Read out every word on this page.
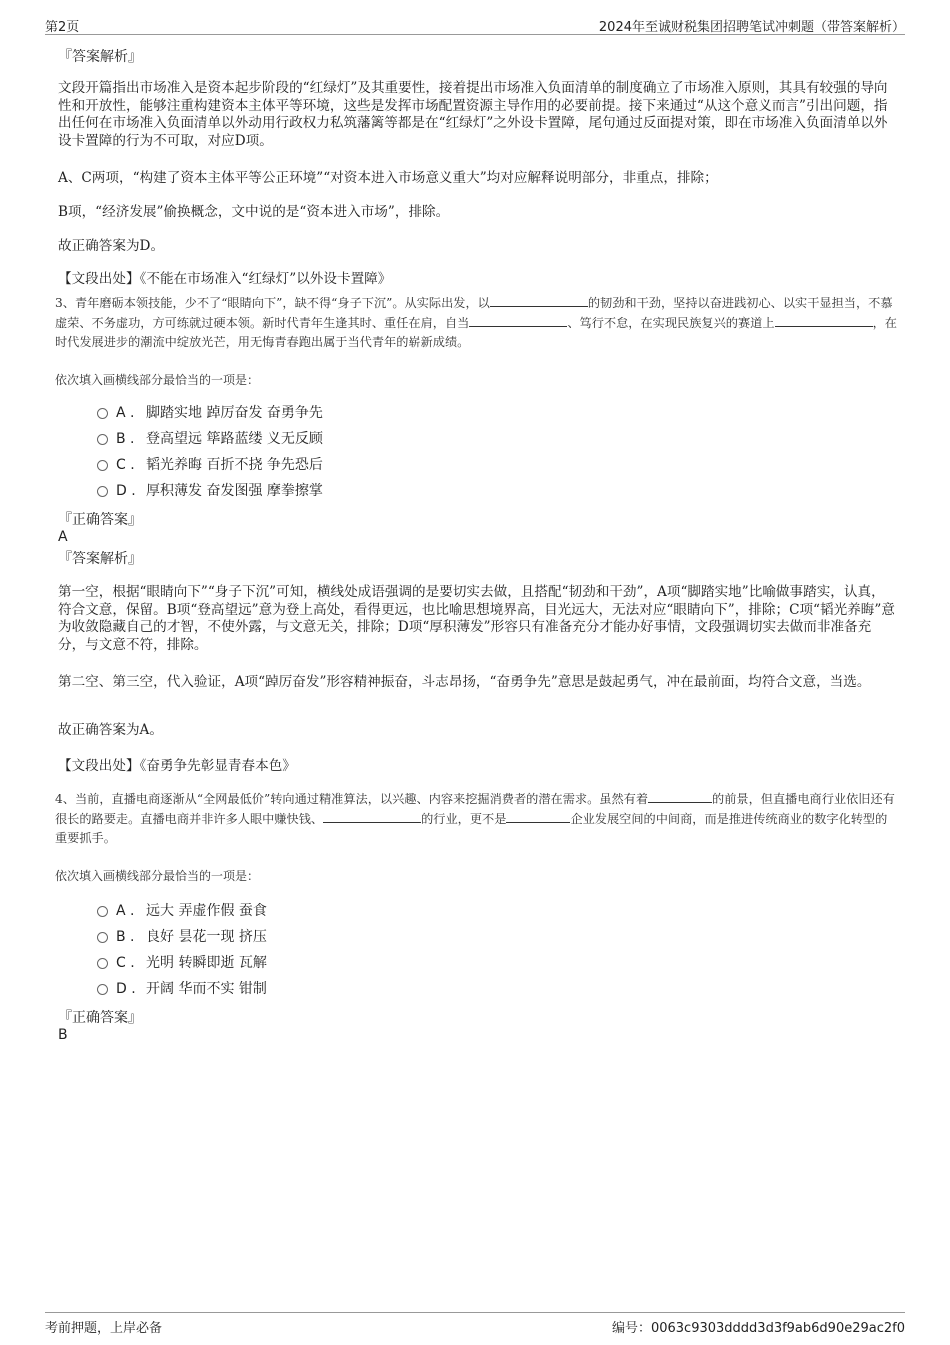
第2页	2024年至诚财税集团招聘笔试冲刺题（带答案解析）
『答案解析』

文段开篇指出市场准入是资本起步阶段的“红绿灯”及其重要性，接着提出市场准入负面清单的制度确立了市场准入原则，其具有较强的导向性和开放性，能够注重构建资本主体平等环境，这些是发挥市场配置资源主导作用的必要前提。接下来通过“从这个意义而言”引出问题，指出任何在市场准入负面清单以外动用行政权力私筑藩篱等都是在“红绿灯”之外设卡置障，尾句通过反面提对策，即在市场准入负面清单以外设卡置障的行为不可取，对应D项。

A、C两项，“构建了资本主体平等公正环境”“对资本进入市场意义重大”均对应解释说明部分，非重点，排除；

B项，“经济发展”偷换概念，文中说的是“资本进入市场”，排除。

故正确答案为D。

【文段出处】《不能在市场准入“红绿灯”以外设卡置障》

3、青年磨砺本领技能，少不了“眼睛向下”，缺不得“身子下沉”。从实际出发，以	的韧劲和干劲，坚持以奋进践初心、以实干显担当，不慕虚荣、不务虚功，方可练就过硬本领。新时代青年生逢其时、重任在肩，自当	、笃行不怠，在实现民族复兴的赛道上	，在时代发展进步的潮流中绽放光芒，用无悔青春跑出属于当代青年的崭新成绩。
依次填入画横线部分最恰当的一项是：
A . 脚踏实地 踔厉奋发 奋勇争先
B . 登高望远 筚路蓝缕 义无反顾
C . 韬光养晦 百折不挠 争先恐后
D . 厚积薄发 奋发图强 摩拳擦掌
『正确答案』
A
『答案解析』

第一空，根据“眼睛向下”“身子下沉”可知，横线处成语强调的是要切实去做，且搭配“韧劲和干劲”，A项“脚踏实地”比喻做事踏实，认真，符合文意，保留。B项“登高望远”意为登上高处，看得更远，也比喻思想境界高，目光远大，无法对应“眼睛向下”，排除；C项“韬光养晦”意为收敛隐藏自己的才智，不使外露，与文意无关，排除；D项“厚积薄发”形容只有准备充分才能办好事情，文段强调切实去做而非准备充分，与文意不符，排除。

第二空、第三空，代入验证，A项“踔厉奋发”形容精神振奋，斗志昂扬，“奋勇争先”意思是鼓起勇气，冲在最前面，均符合文意，当选。

故正确答案为A。

【文段出处】《奋勇争先彰显青春本色》

4、当前，直播电商逐渐从“全网最低价”转向通过精准算法，以兴趣、内容来挖掘消费者的潜在需求。虽然有着	的前景，但直播电商行业依旧还有很长的路要走。直播电商并非许多人眼中赚快钱、	的行业，更不是	企业发展空间的中间商，而是推进传统商业的数字化转型的重要抓手。
依次填入画横线部分最恰当的一项是：
A . 远大 弄虚作假 蚕食
B . 良好 昙花一现 挤压
C . 光明 转瞬即逝 瓦解
D . 开阔 华而不实 钳制
『正确答案』
B
考前押题，上岸必备	编号：0063c9303dddd3d3f9ab6d90e29ac2f0
